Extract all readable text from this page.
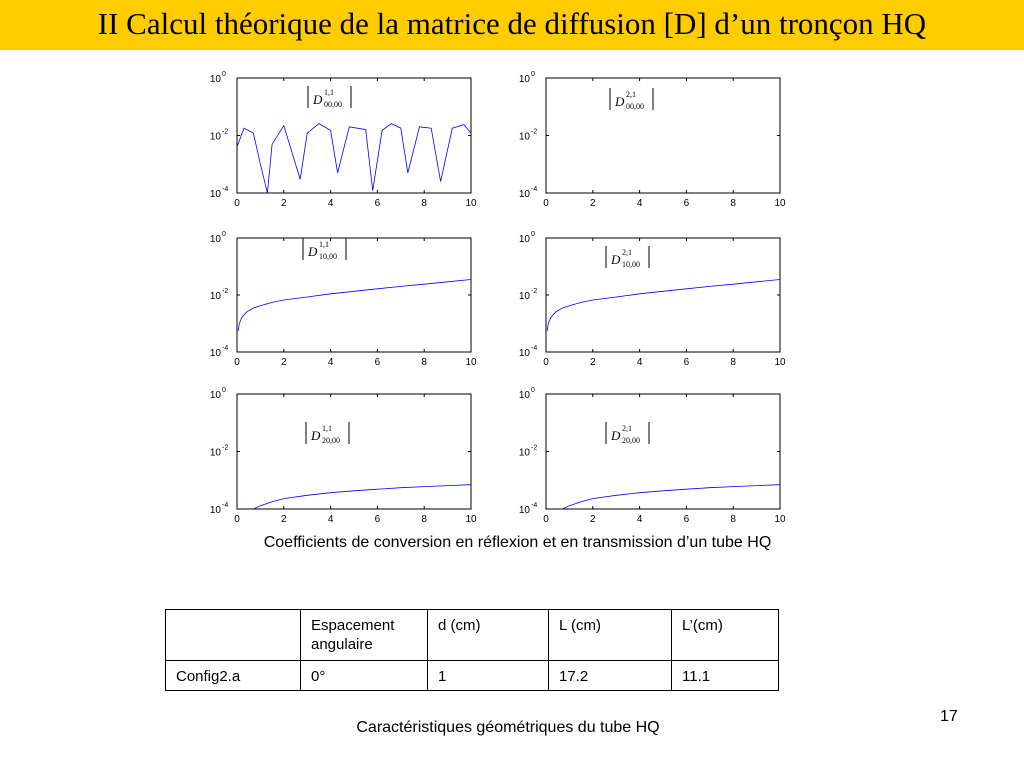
II Calcul théorique de la matrice de diffusion [D] d’un tronçon HQ
0	2	4	6	8	10
10 0
10 -2
10 -4
D 1,1
00,00
0	2	4	6	8	10
10 0
10 -2
10 -4
D 2,1
00,00
0	2	4	6	8	10
10 0
10 -2
10 -4
D 1,1
10,00
0	2	4	6	8	10
10 0
10 -2
10 -4
D 2,1
10,00
0	2	4	6	8	10
10 0
10 -2
10 -4
D 1,1
20,00
0	2	4	6	8	10
10 0
10 -2
10 -4
D 2,1
20,00
Coefficients de conversion en réflexion et en transmission d’un tube HQ
	Espacement angulaire	d (cm)	L (cm)	L’(cm)
Config2.a	0°	1	17.2	11.1
Caractéristiques géométriques du tube HQ
17
